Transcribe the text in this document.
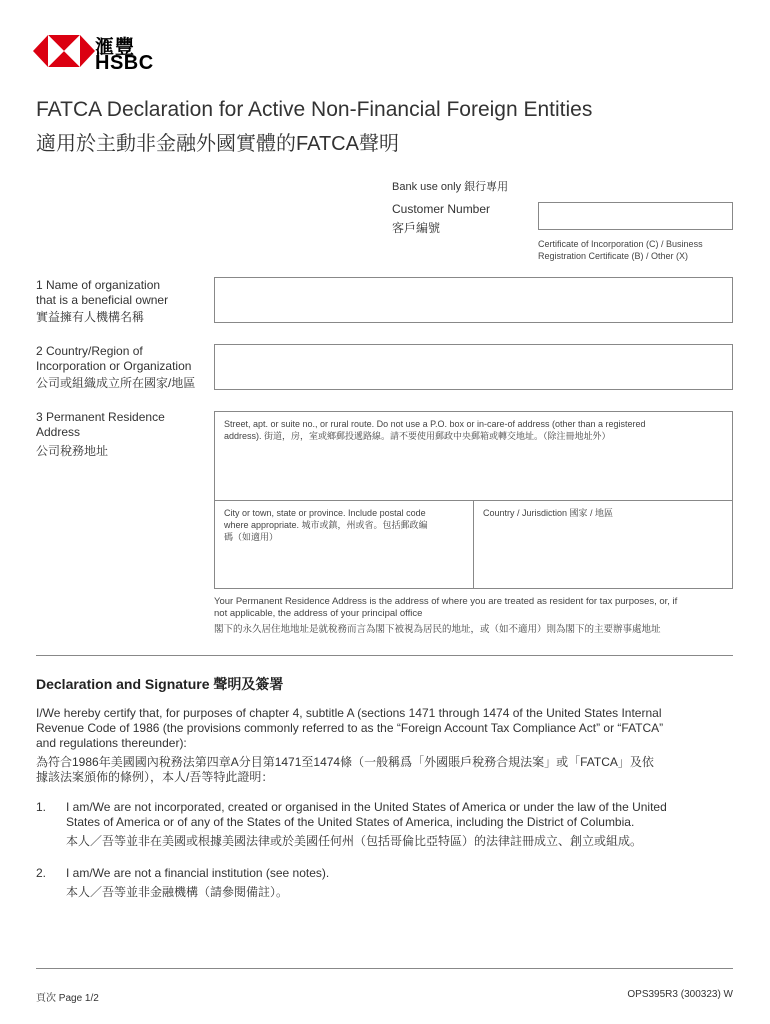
滙豐
HSBC
FATCA Declaration for Active Non-Financial Foreign Entities
適用於主動非金融外國實體的FATCA聲明
Bank use only 銀行專用
Customer Number
客戶編號
Certificate of Incorporation (C) / Business
Registration Certificate (B) / Other (X)
1 Name of organization
that is a beneficial owner
實益擁有人機構名稱
2 Country/Region of
Incorporation or Organization
公司或組織成立所在國家/地區
3 Permanent Residence
Address
公司稅務地址
Street, apt. or suite no., or rural route. Do not use a P.O. box or in-care-of address (other than a registered
address). 街道，房，室或鄉郵投遞路線。請不要使用郵政中央郵箱或轉交地址。（除注冊地址外）
City or town, state or province. Include postal code
where appropriate. 城市或鎮，州或省。包括郵政編
碼（如適用）
Country / Jurisdiction 國家 / 地區
Your Permanent Residence Address is the address of where you are treated as resident for tax purposes, or, if
not applicable, the address of your principal office
閣下的永久居住地地址是就稅務而言為閣下被視為居民的地址，或（如不適用）則為閣下的主要辦事處地址
Declaration and Signature 聲明及簽署
I/We hereby certify that, for purposes of chapter 4, subtitle A (sections 1471 through 1474 of the United States Internal
Revenue Code of 1986 (the provisions commonly referred to as the “Foreign Account Tax Compliance Act” or “FATCA”
and regulations thereunder):
為符合1986年美國國內稅務法第四章A分目第1471至1474條（一般稱爲「外國賬戶稅務合規法案」或「FATCA」及依
據該法案頒佈的條例），本人/吾等特此證明：
1. I am/We are not incorporated, created or organised in the United States of America or under the law of the United
States of America or of any of the States of the United States of America, including the District of Columbia.
本人／吾等並非在美國或根據美國法律或於美國任何州（包括哥倫比亞特區）的法律註冊成立、創立或組成。
2. I am/We are not a financial institution (see notes).
本人／吾等並非金融機構（請參閱備註）。
頁次 Page 1/2	OPS395R3 (300323) W
